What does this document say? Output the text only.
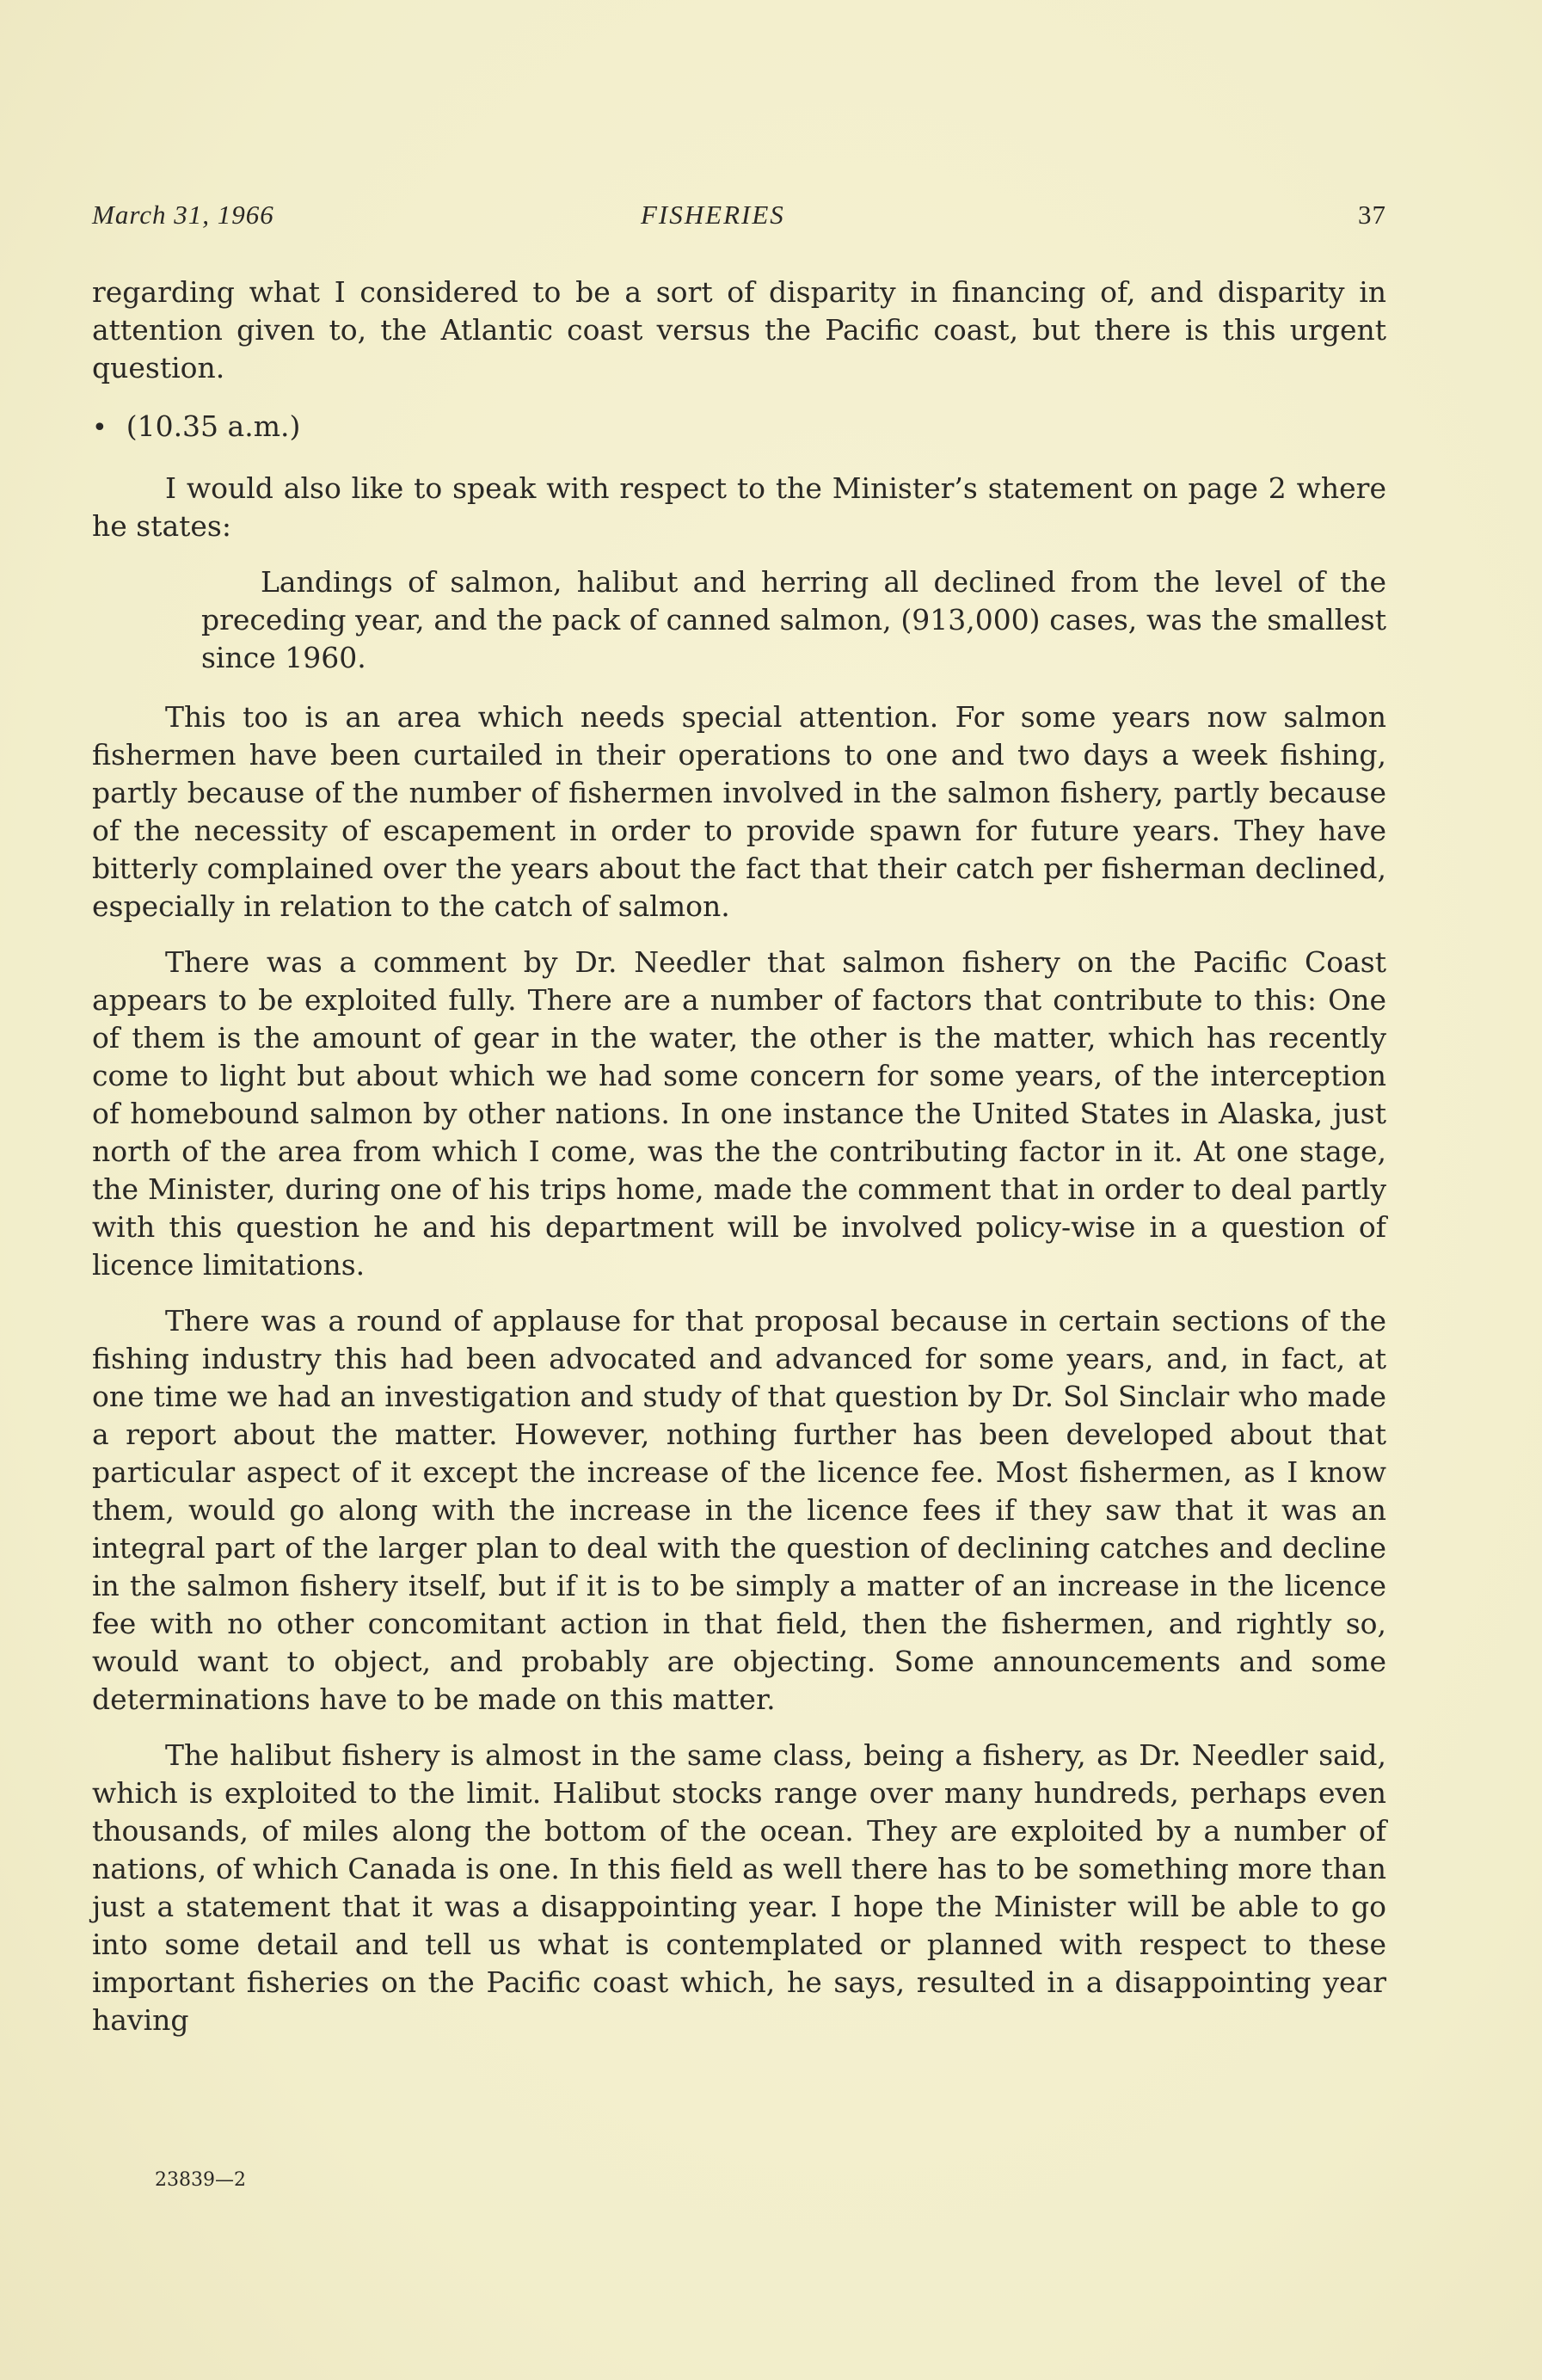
March 31, 1966	FISHERIES	37

regarding what I considered to be a sort of disparity in financing of, and disparity in attention given to, the Atlantic coast versus the Pacific coast, but there is this urgent question.

• (10.35 a.m.)

I would also like to speak with respect to the Minister’s statement on page 2 where he states:

Landings of salmon, halibut and herring all declined from the level of the preceding year, and the pack of canned salmon, (913,000) cases, was the smallest since 1960.

This too is an area which needs special attention. For some years now salmon fishermen have been curtailed in their operations to one and two days a week fishing, partly because of the number of fishermen involved in the salmon fishery, partly because of the necessity of escapement in order to provide spawn for future years. They have bitterly complained over the years about the fact that their catch per fisherman declined, especially in relation to the catch of salmon.

There was a comment by Dr. Needler that salmon fishery on the Pacific Coast appears to be exploited fully. There are a number of factors that contribute to this: One of them is the amount of gear in the water, the other is the matter, which has recently come to light but about which we had some concern for some years, of the interception of homebound salmon by other nations. In one instance the United States in Alaska, just north of the area from which I come, was the the contributing factor in it. At one stage, the Minister, during one of his trips home, made the comment that in order to deal partly with this question he and his department will be involved policy-wise in a question of licence limitations.

There was a round of applause for that proposal because in certain sections of the fishing industry this had been advocated and advanced for some years, and, in fact, at one time we had an investigation and study of that question by Dr. Sol Sinclair who made a report about the matter. However, nothing further has been developed about that particular aspect of it except the increase of the licence fee. Most fishermen, as I know them, would go along with the increase in the licence fees if they saw that it was an integral part of the larger plan to deal with the question of declining catches and decline in the salmon fishery itself, but if it is to be simply a matter of an increase in the licence fee with no other concomitant action in that field, then the fishermen, and rightly so, would want to object, and probably are objecting. Some announcements and some determinations have to be made on this matter.

The halibut fishery is almost in the same class, being a fishery, as Dr. Needler said, which is exploited to the limit. Halibut stocks range over many hundreds, perhaps even thousands, of miles along the bottom of the ocean. They are exploited by a number of nations, of which Canada is one. In this field as well there has to be something more than just a statement that it was a disappointing year. I hope the Minister will be able to go into some detail and tell us what is contemplated or planned with respect to these important fisheries on the Pacific coast which, he says, resulted in a disappointing year having

23839—2
